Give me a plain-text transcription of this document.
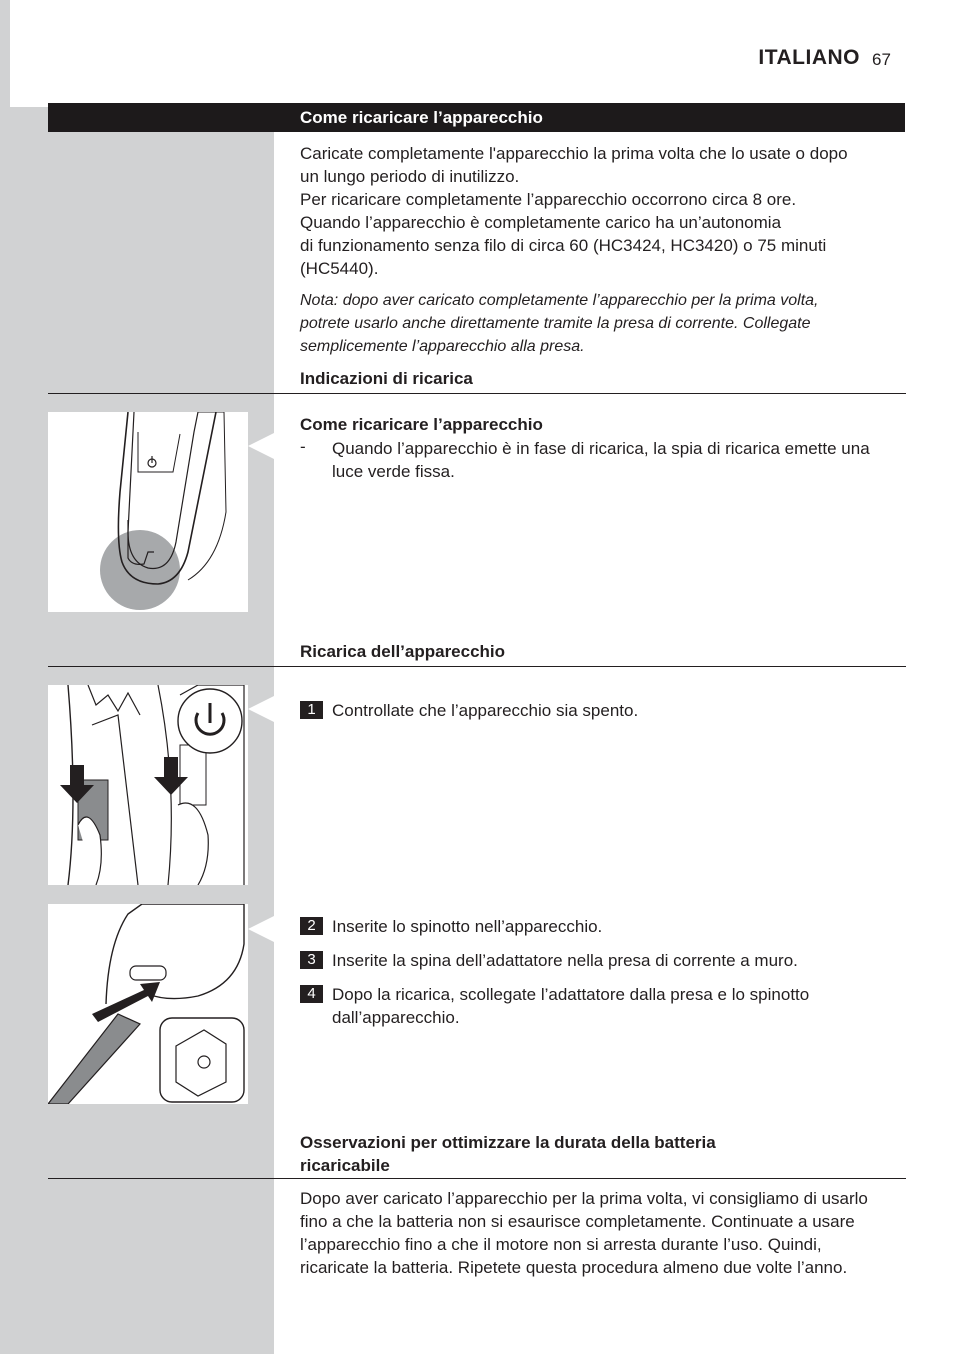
ITALIANO 67
Come ricaricare l’apparecchio
Caricate completamente l'apparecchio la prima volta che lo usate o dopo
un lungo periodo di inutilizzo.
Per ricaricare completamente l’apparecchio occorrono circa 8 ore.
Quando l’apparecchio è completamente carico ha un’autonomia
di funzionamento senza filo di circa 60 (HC3424, HC3420) o 75 minuti
(HC5440).
Nota: dopo aver caricato completamente l’apparecchio per la prima volta,
potrete usarlo anche direttamente tramite la presa di corrente. Collegate
semplicemente l’apparecchio alla presa.
Indicazioni di ricarica
Come ricaricare l’apparecchio
- Quando l’apparecchio è in fase di ricarica, la spia di ricarica emette una
luce verde fissa.
Ricarica dell’apparecchio
1 Controllate che l’apparecchio sia spento.
2 Inserite lo spinotto nell’apparecchio.
3 Inserite la spina dell’adattatore nella presa di corrente a muro.
4 Dopo la ricarica, scollegate l’adattatore dalla presa e lo spinotto
dall’apparecchio.
Osservazioni per ottimizzare la durata della batteria
ricaricabile
Dopo aver caricato l’apparecchio per la prima volta, vi consigliamo di usarlo
fino a che la batteria non si esaurisce completamente. Continuate a usare
l’apparecchio fino a che il motore non si arresta durante l’uso. Quindi,
ricaricate la batteria. Ripetete questa procedura almeno due volte l’anno.
